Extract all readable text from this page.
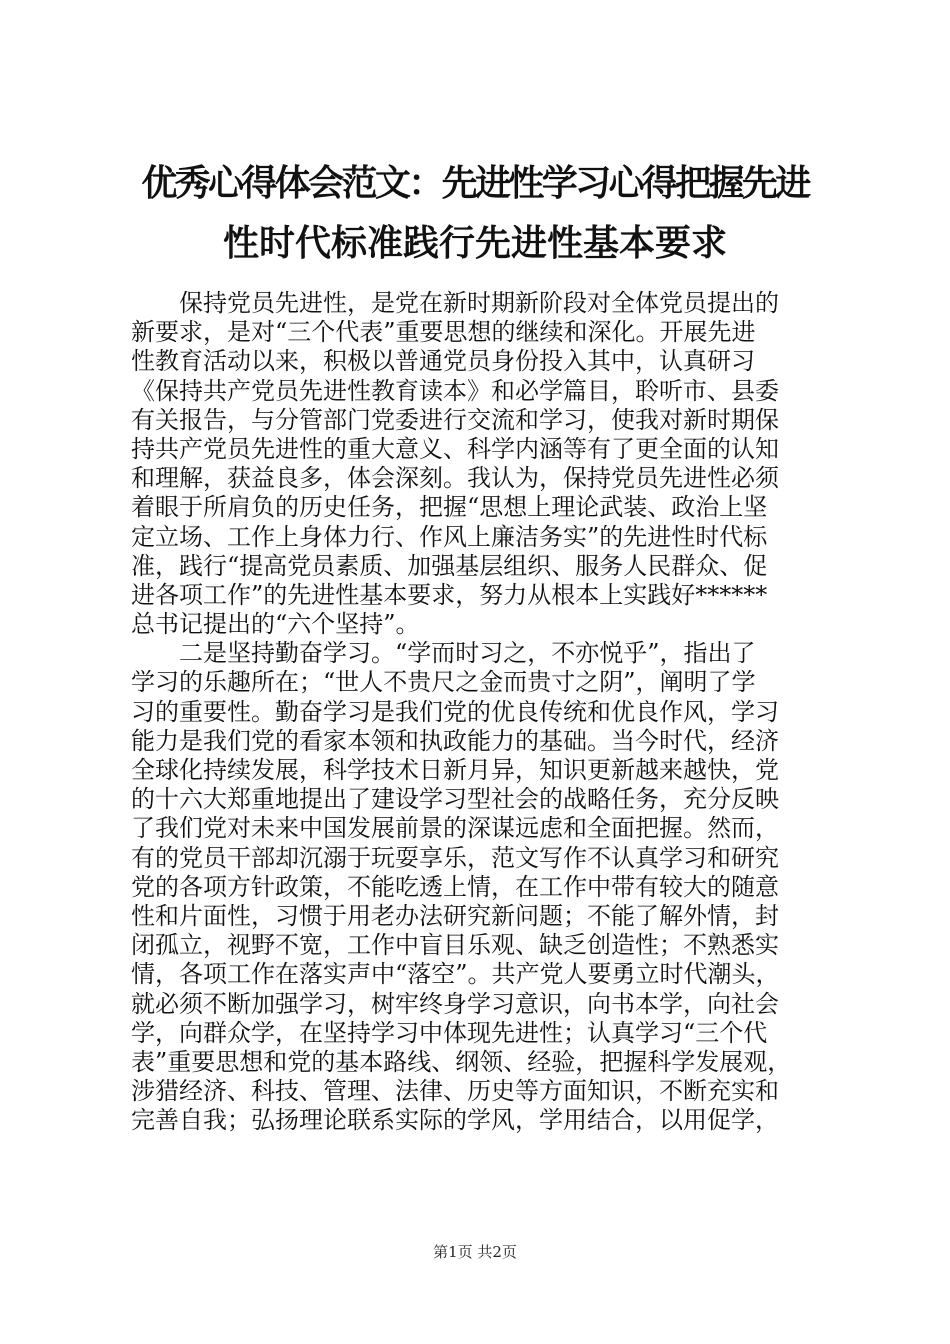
优秀心得体会范文：先进性学习心得把握先进
性时代标准践行先进性基本要求
　　保持党员先进性，是党在新时期新阶段对全体党员提出的
新要求，是对“三个代表”重要思想的继续和深化。开展先进
性教育活动以来，积极以普通党员身份投入其中，认真研习
《保持共产党员先进性教育读本》和必学篇目，聆听市、县委
有关报告，与分管部门党委进行交流和学习，使我对新时期保
持共产党员先进性的重大意义、科学内涵等有了更全面的认知
和理解，获益良多，体会深刻。我认为，保持党员先进性必须
着眼于所肩负的历史任务，把握“思想上理论武装、政治上坚
定立场、工作上身体力行、作风上廉洁务实”的先进性时代标
准，践行“提高党员素质、加强基层组织、服务人民群众、促
进各项工作”的先进性基本要求，努力从根本上实践好******
总书记提出的“六个坚持”。
　　二是坚持勤奋学习。“学而时习之，不亦悦乎”，指出了
学习的乐趣所在；“世人不贵尺之金而贵寸之阴”，阐明了学
习的重要性。勤奋学习是我们党的优良传统和优良作风，学习
能力是我们党的看家本领和执政能力的基础。当今时代，经济
全球化持续发展，科学技术日新月异，知识更新越来越快，党
的十六大郑重地提出了建设学习型社会的战略任务，充分反映
了我们党对未来中国发展前景的深谋远虑和全面把握。然而，
有的党员干部却沉溺于玩耍享乐，范文写作不认真学习和研究
党的各项方针政策，不能吃透上情，在工作中带有较大的随意
性和片面性，习惯于用老办法研究新问题；不能了解外情，封
闭孤立，视野不宽，工作中盲目乐观、缺乏创造性；不熟悉实
情，各项工作在落实声中“落空”。共产党人要勇立时代潮头，
就必须不断加强学习，树牢终身学习意识，向书本学，向社会
学，向群众学，在坚持学习中体现先进性；认真学习“三个代
表”重要思想和党的基本路线、纲领、经验，把握科学发展观，
涉猎经济、科技、管理、法律、历史等方面知识，不断充实和
完善自我；弘扬理论联系实际的学风，学用结合，以用促学，
第1页 共2页
